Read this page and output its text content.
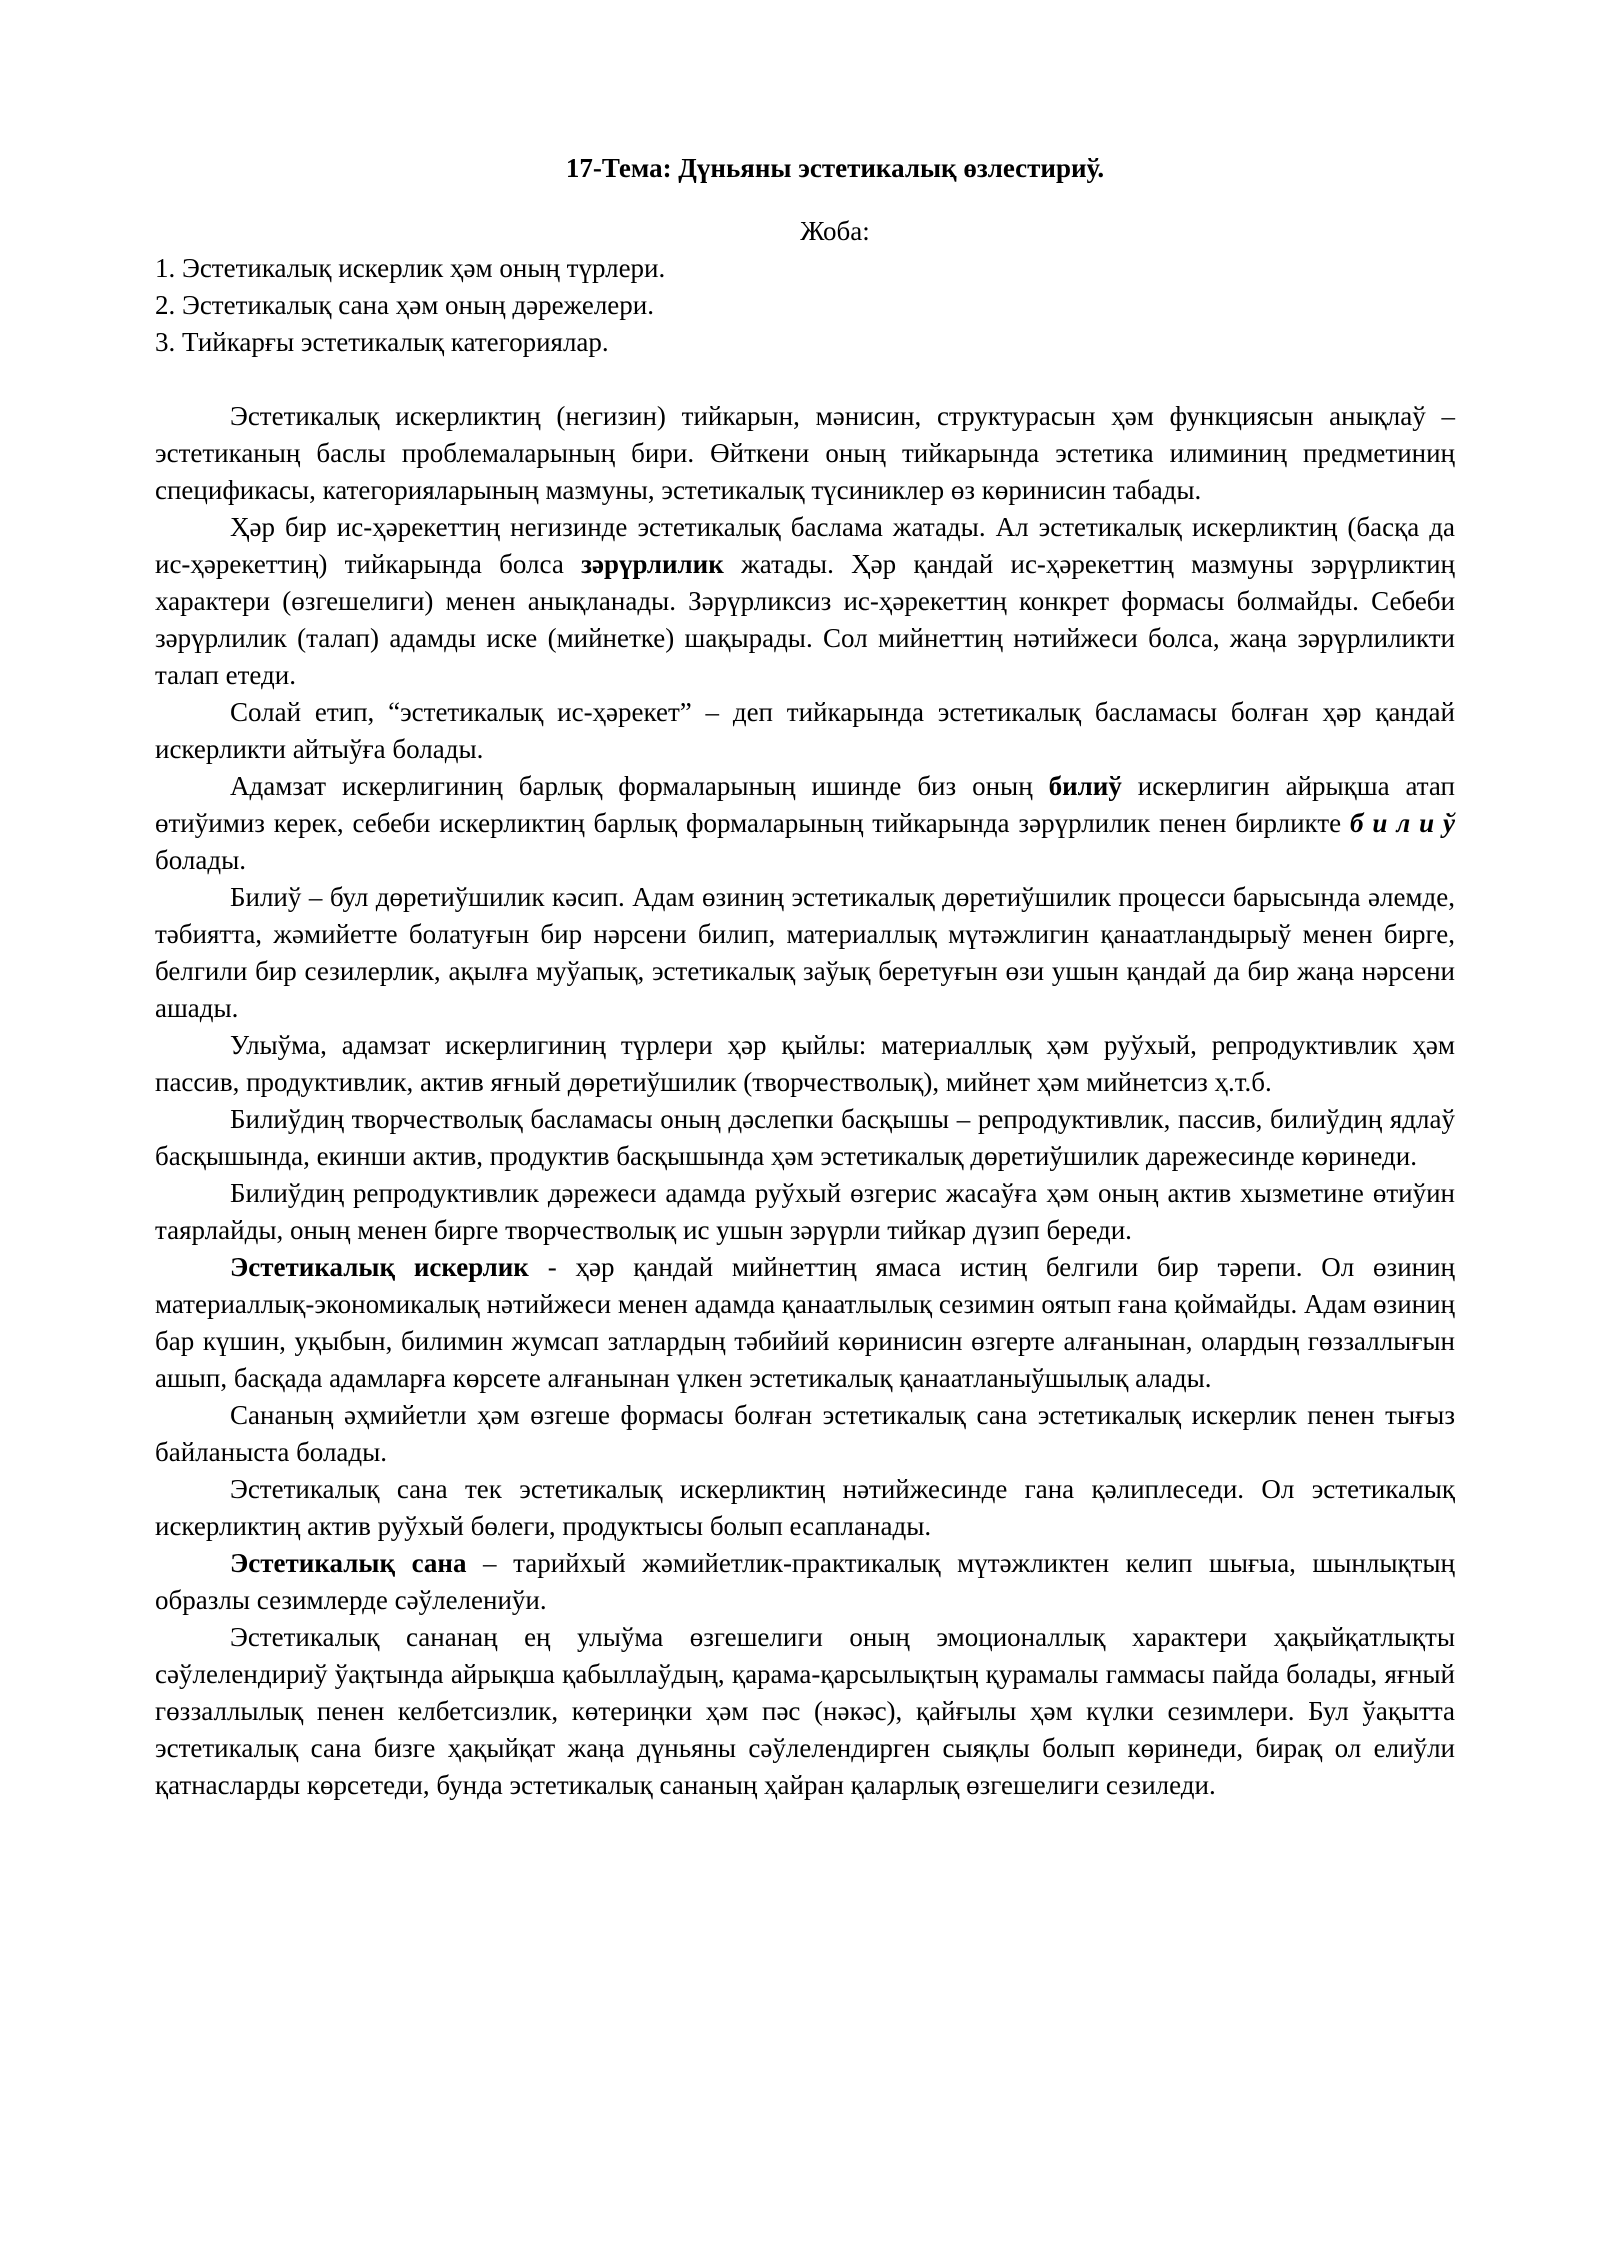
17-Тема: Дүньяны эстетикалық өзлестириў.

Жоба:

1. Эстетикалық искерлик ҳәм оның түрлери.
2. Эстетикалық сана ҳәм оның дәрежелери.
3. Тийкарғы эстетикалық категориялар.

Эстетикалық искерликтиң (негизин) тийкарын, мәнисин, структурасын ҳәм функциясын анықлаў – эстетиканың баслы проблемаларының бири. Өйткени оның тийкарында эстетика илиминиң предметиниң спецификасы, категорияларының мазмуны, эстетикалық түсиниклер өз көринисин табады.

Ҳәр бир ис-ҳәрекеттиң негизинде эстетикалық баслама жатады. Ал эстетикалық искерликтиң (басқа да ис-ҳәрекеттиң) тийкарында болса зәрүрлилик жатады. Ҳәр қандай ис-ҳәрекеттиң мазмуны зәрүрликтиң характери (өзгешелиги) менен анықланады. Зәрүрликсиз ис-ҳәрекеттиң конкрет формасы болмайды. Себеби зәрүрлилик (талап) адамды иске (мийнетке) шақырады. Сол мийнеттиң нәтийжеси болса, жаңа зәрүрлиликти талап етеди.

Солай етип, “эстетикалық ис-ҳәрекет” – деп тийкарында эстетикалық басламасы болған ҳәр қандай искерликти айтыўға болады.

Адамзат искерлигиниң барлық формаларының ишинде биз оның билиў искерлигин айрықша атап өтиўимиз керек, себеби искерликтиң барлық формаларының тийкарында зәрүрлилик пенен бирликте б и л и ў болады.

Билиў – бул дөретиўшилик кәсип. Адам өзиниң эстетикалық дөретиўшилик процесси барысында әлемде, тәбиятта, жәмийетте болатуғын бир нәрсени билип, материаллық мүтәжлигин қанаатландырыў менен бирге, белгили бир сезилерлик, ақылға муўапық, эстетикалық заўық беретуғын өзи ушын қандай да бир жаңа нәрсени ашады.

Улыўма, адамзат искерлигиниң түрлери ҳәр қыйлы: материаллық ҳәм руўхый, репродуктивлик ҳәм пассив, продуктивлик, актив яғный дөретиўшилик (творчестволық), мийнет ҳәм мийнетсиз ҳ.т.б.

Билиўдиң творчестволық басламасы оның дәслепки басқышы – репродуктивлик, пассив, билиўдиң ядлаў басқышында, екинши актив, продуктив басқышында ҳәм эстетикалық дөретиўшилик дарежесинде көринеди.

Билиўдиң репродуктивлик дәрежеси адамда руўхый өзгерис жасаўға ҳәм оның актив хызметине өтиўин таярлайды, оның менен бирге творчестволық ис ушын зәрүрли тийкар дүзип береди.

Эстетикалық искерлик - ҳәр қандай мийнеттиң ямаса истиң белгили бир тәрепи. Ол өзиниң материаллық-экономикалық нәтийжеси менен адамда қанаатлылық сезимин оятып ғана қоймайды. Адам өзиниң бар күшин, уқыбын, билимин жумсап затлардың тәбийий көринисин өзгерте алғанынан, олардың гөззаллығын ашып, басқада адамларға көрсете алғанынан үлкен эстетикалық қанаатланыўшылық алады.

Сананың әҳмийетли ҳәм өзгеше формасы болған эстетикалық сана эстетикалық искерлик пенен тығыз байланыста болады.

Эстетикалық сана тек эстетикалық искерликтиң нәтийжесинде гана қәлиплеседи. Ол эстетикалық искерликтиң актив руўхый бөлеги, продуктысы болып есапланады.

Эстетикалық сана – тарийхый жәмийетлик-практикалық мүтәжликтен келип шығыа, шынлықтың образлы сезимлерде сәўлелениўи.

Эстетикалық сананаң ең улыўма өзгешелиги оның эмоционаллық характери ҳақыйқатлықты сәўлелендириў ўақтында айрықша қабыллаўдың, қарама-қарсылықтың қурамалы гаммасы пайда болады, яғный гөззаллылық пенен келбетсизлик, көтериңки ҳәм пәс (нәкәс), қайғылы ҳәм күлки сезимлери. Бул ўақытта эстетикалық сана бизге ҳақыйқат жаңа дүньяны сәўлелендирген сыяқлы болып көринеди, бирақ ол елиўли қатнасларды көрсетеди, бунда эстетикалық сананың ҳайран қаларлық өзгешелиги сезиледи.
